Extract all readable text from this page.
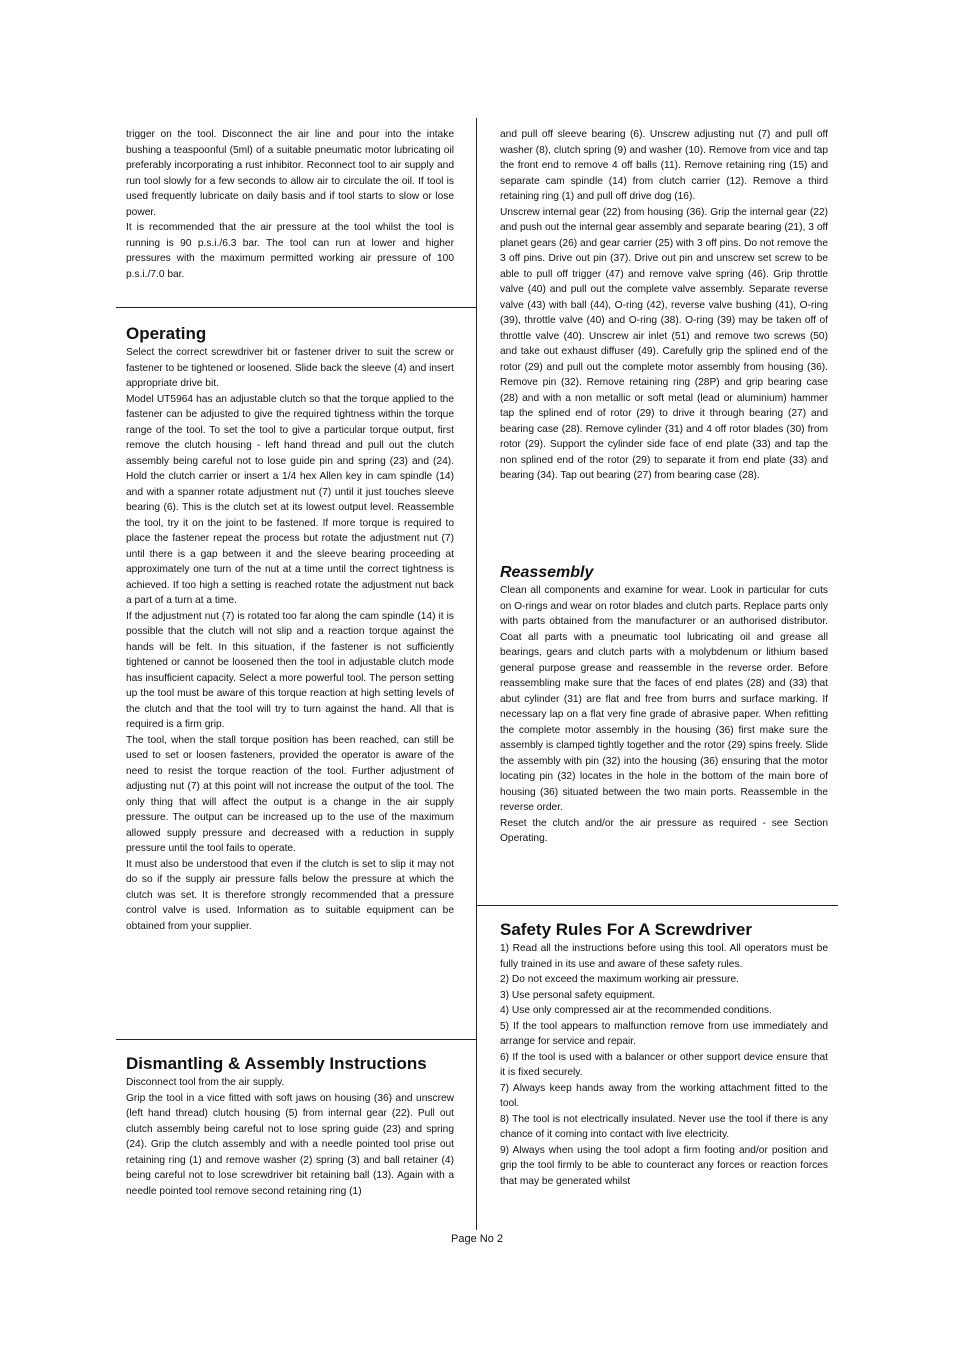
trigger on the tool. Disconnect the air line and pour into the intake bushing a teaspoonful (5ml) of a suitable pneumatic motor lubricating oil preferably incorporating a rust inhibitor. Reconnect tool to air supply and run tool slowly for a few seconds to allow air to circulate the oil. If tool is used frequently lubricate on daily basis and if tool starts to slow or lose power.

It is recommended that the air pressure at the tool whilst the tool is running is 90 p.s.i./6.3 bar. The tool can run at lower and higher pressures with the maximum permitted working air pressure of 100 p.s.i./7.0 bar.

Operating

Select the correct screwdriver bit or fastener driver to suit the screw or fastener to be tightened or loosened. Slide back the sleeve (4) and insert appropriate drive bit.

Model UT5964 has an adjustable clutch so that the torque applied to the fastener can be adjusted to give the required tightness within the torque range of the tool. To set the tool to give a particular torque output, first remove the clutch housing - left hand thread and pull out the clutch assembly being careful not to lose guide pin and spring (23) and (24). Hold the clutch carrier or insert a 1/4 hex Allen key in cam spindle (14) and with a spanner rotate adjustment nut (7) until it just touches sleeve bearing (6). This is the clutch set at its lowest output level. Reassemble the tool, try it on the joint to be fastened. If more torque is required to place the fastener repeat the process but rotate the adjustment nut (7) until there is a gap between it and the sleeve bearing proceeding at approximately one turn of the nut at a time until the correct tightness is achieved. If too high a setting is reached rotate the adjustment nut back a part of a turn at a time.

If the adjustment nut (7) is rotated too far along the cam spindle (14) it is possible that the clutch will not slip and a reaction torque against the hands will be felt. In this situation, if the fastener is not sufficiently tightened or cannot be loosened then the tool in adjustable clutch mode has insufficient capacity. Select a more powerful tool. The person setting up the tool must be aware of this torque reaction at high setting levels of the clutch and that the tool will try to turn against the hand. All that is required is a firm grip.

The tool, when the stall torque position has been reached, can still be used to set or loosen fasteners, provided the operator is aware of the need to resist the torque reaction of the tool. Further adjustment of adjusting nut (7) at this point will not increase the output of the tool. The only thing that will affect the output is a change in the air supply pressure. The output can be increased up to the use of the maximum allowed supply pressure and decreased with a reduction in supply pressure until the tool fails to operate.

It must also be understood that even if the clutch is set to slip it may not do so if the supply air pressure falls below the pressure at which the clutch was set. It is therefore strongly recommended that a pressure control valve is used. Information as to suitable equipment can be obtained from your supplier.

Dismantling & Assembly Instructions

Disconnect tool from the air supply.

Grip the tool in a vice fitted with soft jaws on housing (36) and unscrew (left hand thread) clutch housing (5) from internal gear (22). Pull out clutch assembly being careful not to lose spring guide (23) and spring (24). Grip the clutch assembly and with a needle pointed tool prise out retaining ring (1) and remove washer (2) spring (3) and ball retainer (4) being careful not to lose screwdriver bit retaining ball (13). Again with a needle pointed tool remove second retaining ring (1)

and pull off sleeve bearing (6). Unscrew adjusting nut (7) and pull off washer (8), clutch spring (9) and washer (10). Remove from vice and tap the front end to remove 4 off balls (11). Remove retaining ring (15) and separate cam spindle (14) from clutch carrier (12). Remove a third retaining ring (1) and pull off drive dog (16).

Unscrew internal gear (22) from housing (36). Grip the internal gear (22) and push out the internal gear assembly and separate bearing (21), 3 off planet gears (26) and gear carrier (25) with 3 off pins. Do not remove the 3 off pins. Drive out pin (37). Drive out pin and unscrew set screw to be able to pull off trigger (47) and remove valve spring (46). Grip throttle valve (40) and pull out the complete valve assembly. Separate reverse valve (43) with ball (44), O-ring (42), reverse valve bushing (41), O-ring (39), throttle valve (40) and O-ring (38). O-ring (39) may be taken off of throttle valve (40). Unscrew air inlet (51) and remove two screws (50) and take out exhaust diffuser (49). Carefully grip the splined end of the rotor (29) and pull out the complete motor assembly from housing (36). Remove pin (32). Remove retaining ring (28P) and grip bearing case (28) and with a non metallic or soft metal (lead or aluminium) hammer tap the splined end of rotor (29) to drive it through bearing (27) and bearing case (28). Remove cylinder (31) and 4 off rotor blades (30) from rotor (29). Support the cylinder side face of end plate (33) and tap the non splined end of the rotor (29) to separate it from end plate (33) and bearing (34). Tap out bearing (27) from bearing case (28).

Reassembly

Clean all components and examine for wear. Look in particular for cuts on O-rings and wear on rotor blades and clutch parts. Replace parts only with parts obtained from the manufacturer or an authorised distributor. Coat all parts with a pneumatic tool lubricating oil and grease all bearings, gears and clutch parts with a molybdenum or lithium based general purpose grease and reassemble in the reverse order. Before reassembling make sure that the faces of end plates (28) and (33) that abut cylinder (31) are flat and free from burrs and surface marking. If necessary lap on a flat very fine grade of abrasive paper. When refitting the complete motor assembly in the housing (36) first make sure the assembly is clamped tightly together and the rotor (29) spins freely. Slide the assembly with pin (32) into the housing (36) ensuring that the motor locating pin (32) locates in the hole in the bottom of the main bore of housing (36) situated between the two main ports. Reassemble in the reverse order.

Reset the clutch and/or the air pressure as required - see Section Operating.

Safety Rules For A Screwdriver

1) Read all the instructions before using this tool. All operators must be fully trained in its use and aware of these safety rules.

2) Do not exceed the maximum working air pressure.

3) Use personal safety equipment.

4) Use only compressed air at the recommended conditions.

5) If the tool appears to malfunction remove from use immediately and arrange for service and repair.

6) If the tool is used with a balancer or other support device ensure that it is fixed securely.

7) Always keep hands away from the working attachment fitted to the tool.

8) The tool is not electrically insulated. Never use the tool if there is any chance of it coming into contact with live electricity.

9) Always when using the tool adopt a firm footing and/or position and grip the tool firmly to be able to counteract any forces or reaction forces that may be generated whilst

Page No 2
